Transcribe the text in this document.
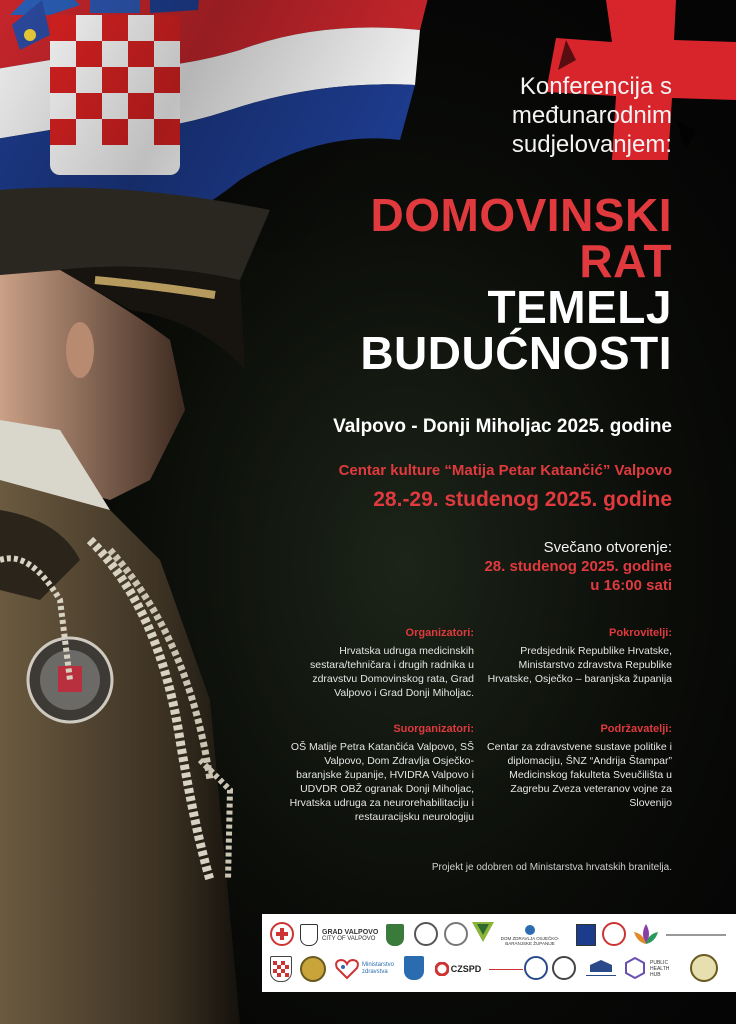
Konferencija s
međunarodnim
sudjelovanjem:
DOMOVINSKI
RAT
TEMELJ
BUDUĆNOSTI
Valpovo - Donji Miholjac 2025. godine
Centar kulture “Matija Petar Katančić” Valpovo
28.-29. studenog 2025. godine
Svečano otvorenje:
28. studenog 2025. godine
u 16:00 sati
Organizatori:

Hrvatska udruga medicinskih sestara/tehničara i drugih radnika u zdravstvu Domovinskog rata, Grad Valpovo i Grad Donji Miholjac.

Pokrovitelji:

Predsjednik Republike Hrvatske, Ministarstvo zdravstva Republike Hrvatske, Osječko – baranjska županija

Suorganizatori:

OŠ Matije Petra Katančića Valpovo, SŠ Valpovo, Dom Zdravlja Osječko-baranjske županije, HVIDRA Valpovo i UDVDR OBŽ ogranak Donji Miholjac, Hrvatska udruga za neurorehabilitaciju i restauracijsku neurologiju

Podržavatelji:

Centar za zdravstvene sustave politike i diplomaciju, ŠNZ “Andrija Štampar” Medicinskog fakulteta Sveučilišta u Zagrebu Zveza veteranov vojne za Slovenijo

Projekt je odobren od Ministarstva hrvatskih branitelja.
GRAD VALPOVO
CITY OF VALPOVO	DOM ZDRAVLJA OSJEČKO-BARANJSKE ŽUPANIJE
Ministarstvo zdravstva	CZSPD
PUBLIC HEALTH HUB
